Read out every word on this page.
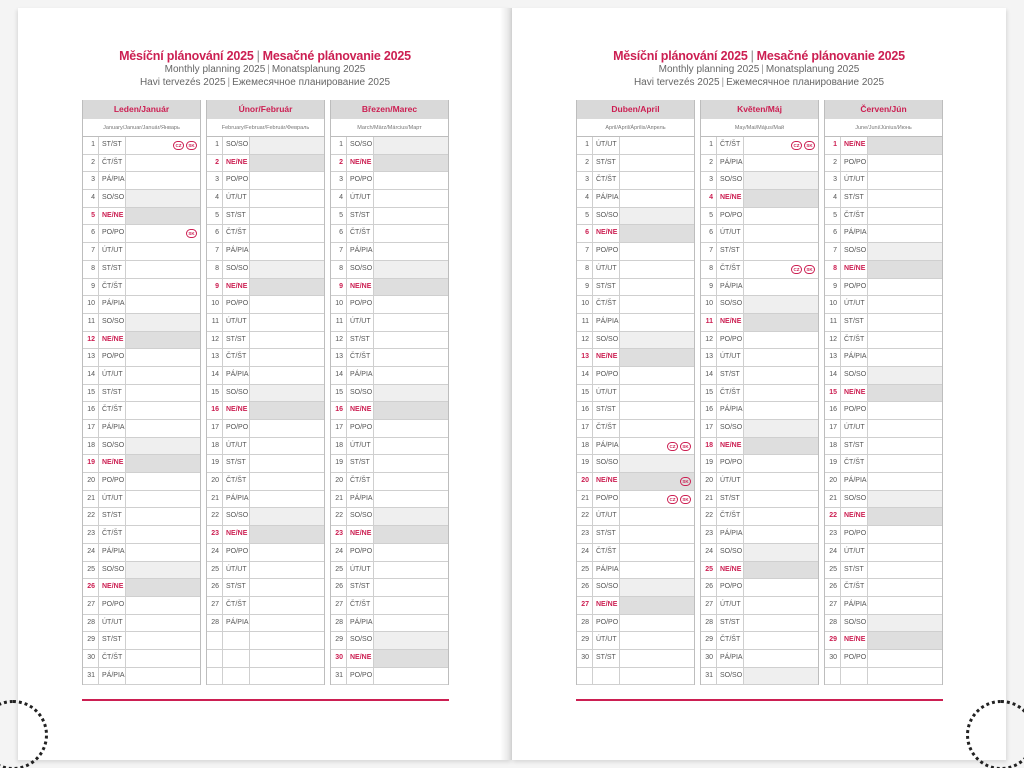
Měsíční plánování 2025 | Mesačné plánovanie 2025
Monthly planning 2025 | Monatsplanung 2025
Havi tervezés 2025 | Ежемесячное планирование 2025
Leden/Január
January/Januar/Január/Январь
1	ST/ST	CZ	SK
2	ČT/ŠT
3	PÁ/PIA
4	SO/SO
5	NE/NE
6	PO/PO	SK
7	ÚT/UT
8	ST/ST
9	ČT/ŠT
10	PÁ/PIA
11	SO/SO
12	NE/NE
13	PO/PO
14	ÚT/UT
15	ST/ST
16	ČT/ŠT
17	PÁ/PIA
18	SO/SO
19	NE/NE
20	PO/PO
21	ÚT/UT
22	ST/ST
23	ČT/ŠT
24	PÁ/PIA
25	SO/SO
26	NE/NE
27	PO/PO
28	ÚT/UT
29	ST/ST
30	ČT/ŠT
31	PÁ/PIA
Únor/Február
February/Februar/Február/Февраль
1	SO/SO
2	NE/NE
3	PO/PO
4	ÚT/UT
5	ST/ST
6	ČT/ŠT
7	PÁ/PIA
8	SO/SO
9	NE/NE
10	PO/PO
11	ÚT/UT
12	ST/ST
13	ČT/ŠT
14	PÁ/PIA
15	SO/SO
16	NE/NE
17	PO/PO
18	ÚT/UT
19	ST/ST
20	ČT/ŠT
21	PÁ/PIA
22	SO/SO
23	NE/NE
24	PO/PO
25	ÚT/UT
26	ST/ST
27	ČT/ŠT
28	PÁ/PIA
Březen/Marec
March/März/Március/Март
1	SO/SO
2	NE/NE
3	PO/PO
4	ÚT/UT
5	ST/ST
6	ČT/ŠT
7	PÁ/PIA
8	SO/SO
9	NE/NE
10	PO/PO
11	ÚT/UT
12	ST/ST
13	ČT/ŠT
14	PÁ/PIA
15	SO/SO
16	NE/NE
17	PO/PO
18	ÚT/UT
19	ST/ST
20	ČT/ŠT
21	PÁ/PIA
22	SO/SO
23	NE/NE
24	PO/PO
25	ÚT/UT
26	ST/ST
27	ČT/ŠT
28	PÁ/PIA
29	SO/SO
30	NE/NE
31	PO/PO
Měsíční plánování 2025 | Mesačné plánovanie 2025
Monthly planning 2025 | Monatsplanung 2025
Havi tervezés 2025 | Ежемесячное планирование 2025
Duben/April
April/April/Április/Апрель
1	ÚT/UT
2	ST/ST
3	ČT/ŠT
4	PÁ/PIA
5	SO/SO
6	NE/NE
7	PO/PO
8	ÚT/UT
9	ST/ST
10	ČT/ŠT
11	PÁ/PIA
12	SO/SO
13	NE/NE
14	PO/PO
15	ÚT/UT
16	ST/ST
17	ČT/ŠT
18	PÁ/PIA	CZ	SK
19	SO/SO
20	NE/NE	SK
21	PO/PO	CZ	SK
22	ÚT/UT
23	ST/ST
24	ČT/ŠT
25	PÁ/PIA
26	SO/SO
27	NE/NE
28	PO/PO
29	ÚT/UT
30	ST/ST
Květen/Máj
May/Mai/Május/Май
1	ČT/ŠT	CZ	SK
2	PÁ/PIA
3	SO/SO
4	NE/NE
5	PO/PO
6	ÚT/UT
7	ST/ST
8	ČT/ŠT	CZ	SK
9	PÁ/PIA
10	SO/SO
11	NE/NE
12	PO/PO
13	ÚT/UT
14	ST/ST
15	ČT/ŠT
16	PÁ/PIA
17	SO/SO
18	NE/NE
19	PO/PO
20	ÚT/UT
21	ST/ST
22	ČT/ŠT
23	PÁ/PIA
24	SO/SO
25	NE/NE
26	PO/PO
27	ÚT/UT
28	ST/ST
29	ČT/ŠT
30	PÁ/PIA
31	SO/SO
Červen/Jún
June/Juni/Június/Июнь
1	NE/NE
2	PO/PO
3	ÚT/UT
4	ST/ST
5	ČT/ŠT
6	PÁ/PIA
7	SO/SO
8	NE/NE
9	PO/PO
10	ÚT/UT
11	ST/ST
12	ČT/ŠT
13	PÁ/PIA
14	SO/SO
15	NE/NE
16	PO/PO
17	ÚT/UT
18	ST/ST
19	ČT/ŠT
20	PÁ/PIA
21	SO/SO
22	NE/NE
23	PO/PO
24	ÚT/UT
25	ST/ST
26	ČT/ŠT
27	PÁ/PIA
28	SO/SO
29	NE/NE
30	PO/PO
